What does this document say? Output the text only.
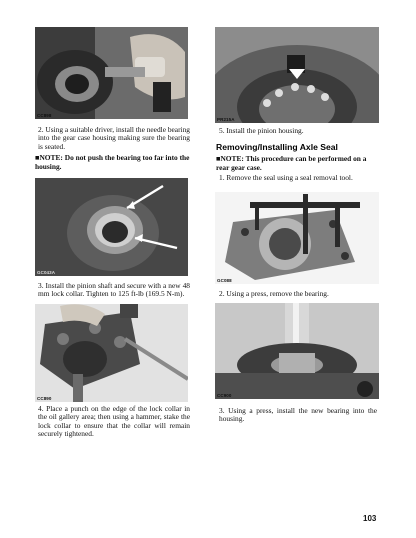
CC898
2. Using a suitable driver, install the needle bearing into the gear case housing making sure the bearing is seated.
■NOTE: Do not push the bearing too far into the housing.
GC043A
3. Install the pinion shaft and secure with a new 48 mm lock collar. Tighten to 125 ft-lb (169.5 N-m).
CC890
4. Place a punch on the edge of the lock collar in the oil gallery area; then using a hammer, stake the lock collar to ensure that the collar will remain securely tightened.
PR215A
5. Install the pinion housing.
Removing/Installing Axle Seal
■NOTE: This procedure can be performed on a rear gear case.
1. Remove the seal using a seal removal tool.
GC088
2. Using a press, remove the bearing.
CC900
3. Using a press, install the new bearing into the housing.
103
